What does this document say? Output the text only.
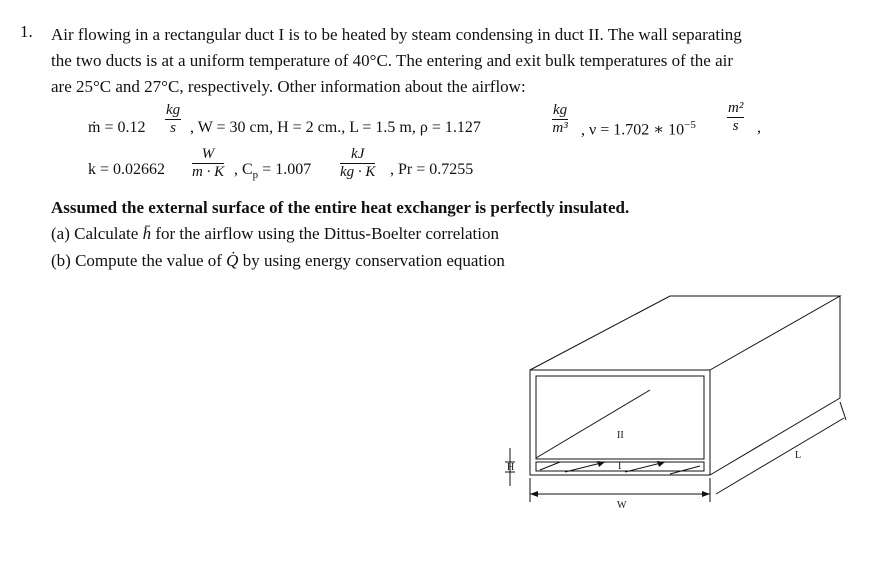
1. Air flowing in a rectangular duct I is to be heated by steam condensing in duct II. The wall separating
the two ducts is at a uniform temperature of 40°C. The entering and exit bulk temperatures of the air
are 25°C and 27°C, respectively. Other information about the airflow:
ṁ = 0.12
kg
s , W = 30 cm, H = 2 cm., L = 1.5 m, ρ = 1.127
kg
m³ , ν = 1.702 ∗ $10^{-5}$
m²
s ,
k = 0.02662
W
m · K , $C_p = 1.007$
kJ
kg · K , Pr = 0.7255
Assumed the external surface of the entire heat exchanger is perfectly insulated.
(a) Calculate h̄ for the airflow using the Dittus-Boelter correlation
(b) Compute the value of Q̇ by using energy conservation equation
II
I
H
W
L
